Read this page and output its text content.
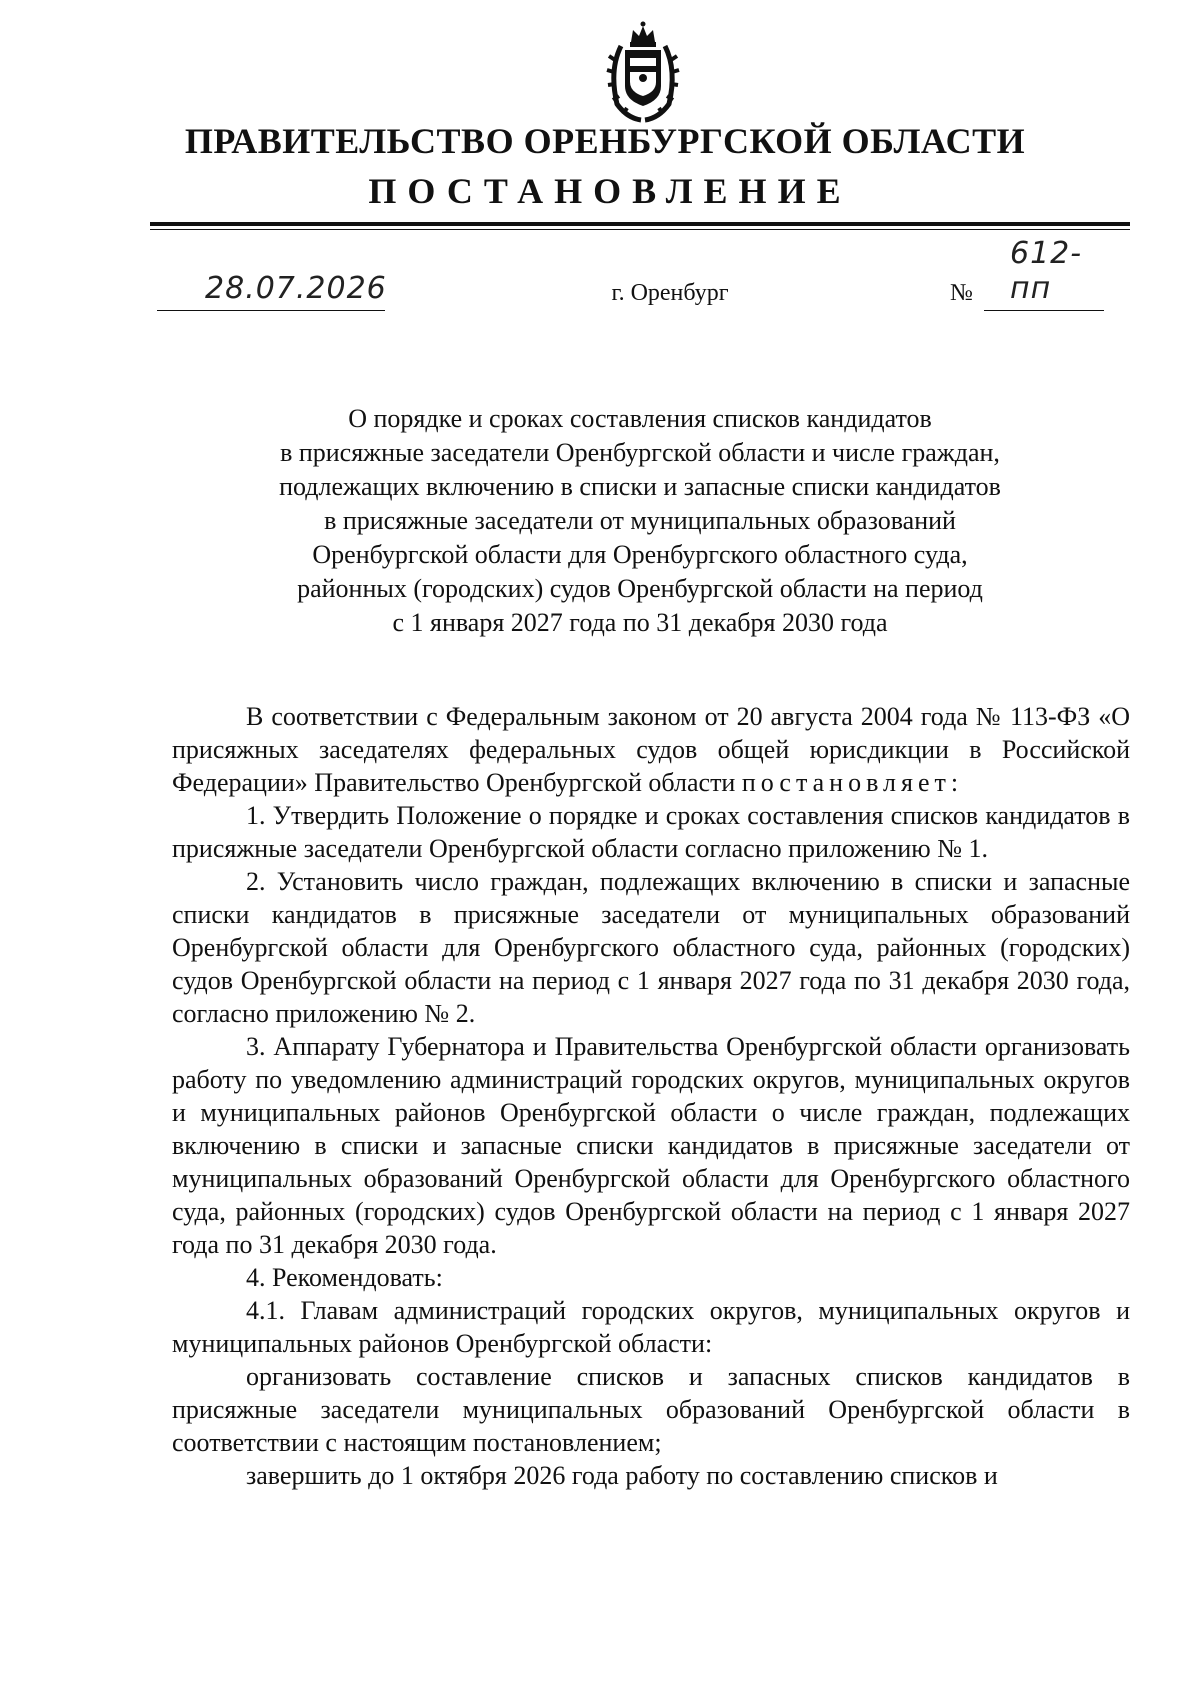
ПРАВИТЕЛЬСТВО ОРЕНБУРГСКОЙ ОБЛАСТИ
ПОСТАНОВЛЕНИЕ
28.07.2026	г. Оренбург	№
612-пп
О порядке и сроках составления списков кандидатов
в присяжные заседатели Оренбургской области и числе граждан,
подлежащих включению в списки и запасные списки кандидатов
в присяжные заседатели от муниципальных образований
Оренбургской области для Оренбургского областного суда,
районных (городских) судов Оренбургской области на период
с 1 января 2027 года по 31 декабря 2030 года

В соответствии с Федеральным законом от 20 августа 2004 года № 113-ФЗ «О присяжных заседателях федеральных судов общей юрисдикции в Российской Федерации» Правительство Оренбургской области постановляет:

1. Утвердить Положение о порядке и сроках составления списков кандидатов в присяжные заседатели Оренбургской области согласно приложению № 1.

2. Установить число граждан, подлежащих включению в списки и запасные списки кандидатов в присяжные заседатели от муниципальных образований Оренбургской области для Оренбургского областного суда, районных (городских) судов Оренбургской области на период с 1 января 2027 года по 31 декабря 2030 года, согласно приложению № 2.

3. Аппарату Губернатора и Правительства Оренбургской области организовать работу по уведомлению администраций городских округов, муниципальных округов и муниципальных районов Оренбургской области о числе граждан, подлежащих включению в списки и запасные списки кандидатов в присяжные заседатели от муниципальных образований Оренбургской области для Оренбургского областного суда, районных (городских) судов Оренбургской области на период с 1 января 2027 года по 31 декабря 2030 года.

4. Рекомендовать:

4.1. Главам администраций городских округов, муниципальных округов и муниципальных районов Оренбургской области:

организовать составление списков и запасных списков кандидатов в присяжные заседатели муниципальных образований Оренбургской области в соответствии с настоящим постановлением;

завершить до 1 октября 2026 года работу по составлению списков и
